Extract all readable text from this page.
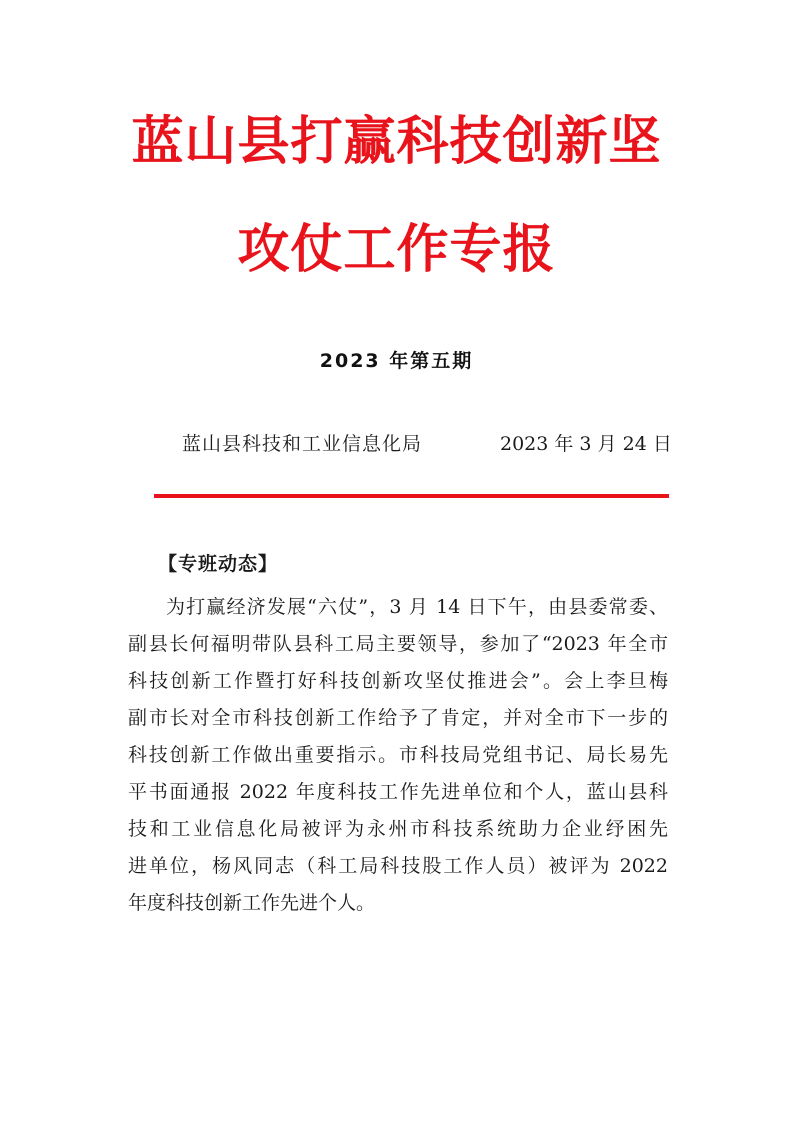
蓝山县打赢科技创新坚
攻仗工作专报
2023 年第五期
蓝山县科技和工业信息化局	2023 年 3 月 24 日
【专班动态】
为打赢经济发展“六仗”，3 月 14 日下午，由县委常委、
副县长何福明带队县科工局主要领导，参加了“2023 年全市
科技创新工作暨打好科技创新攻坚仗推进会”。会上李旦梅
副市长对全市科技创新工作给予了肯定，并对全市下一步的
科技创新工作做出重要指示。市科技局党组书记、局长易先
平书面通报 2022 年度科技工作先进单位和个人，蓝山县科
技和工业信息化局被评为永州市科技系统助力企业纾困先
进单位，杨风同志（科工局科技股工作人员）被评为 2022
年度科技创新工作先进个人。
